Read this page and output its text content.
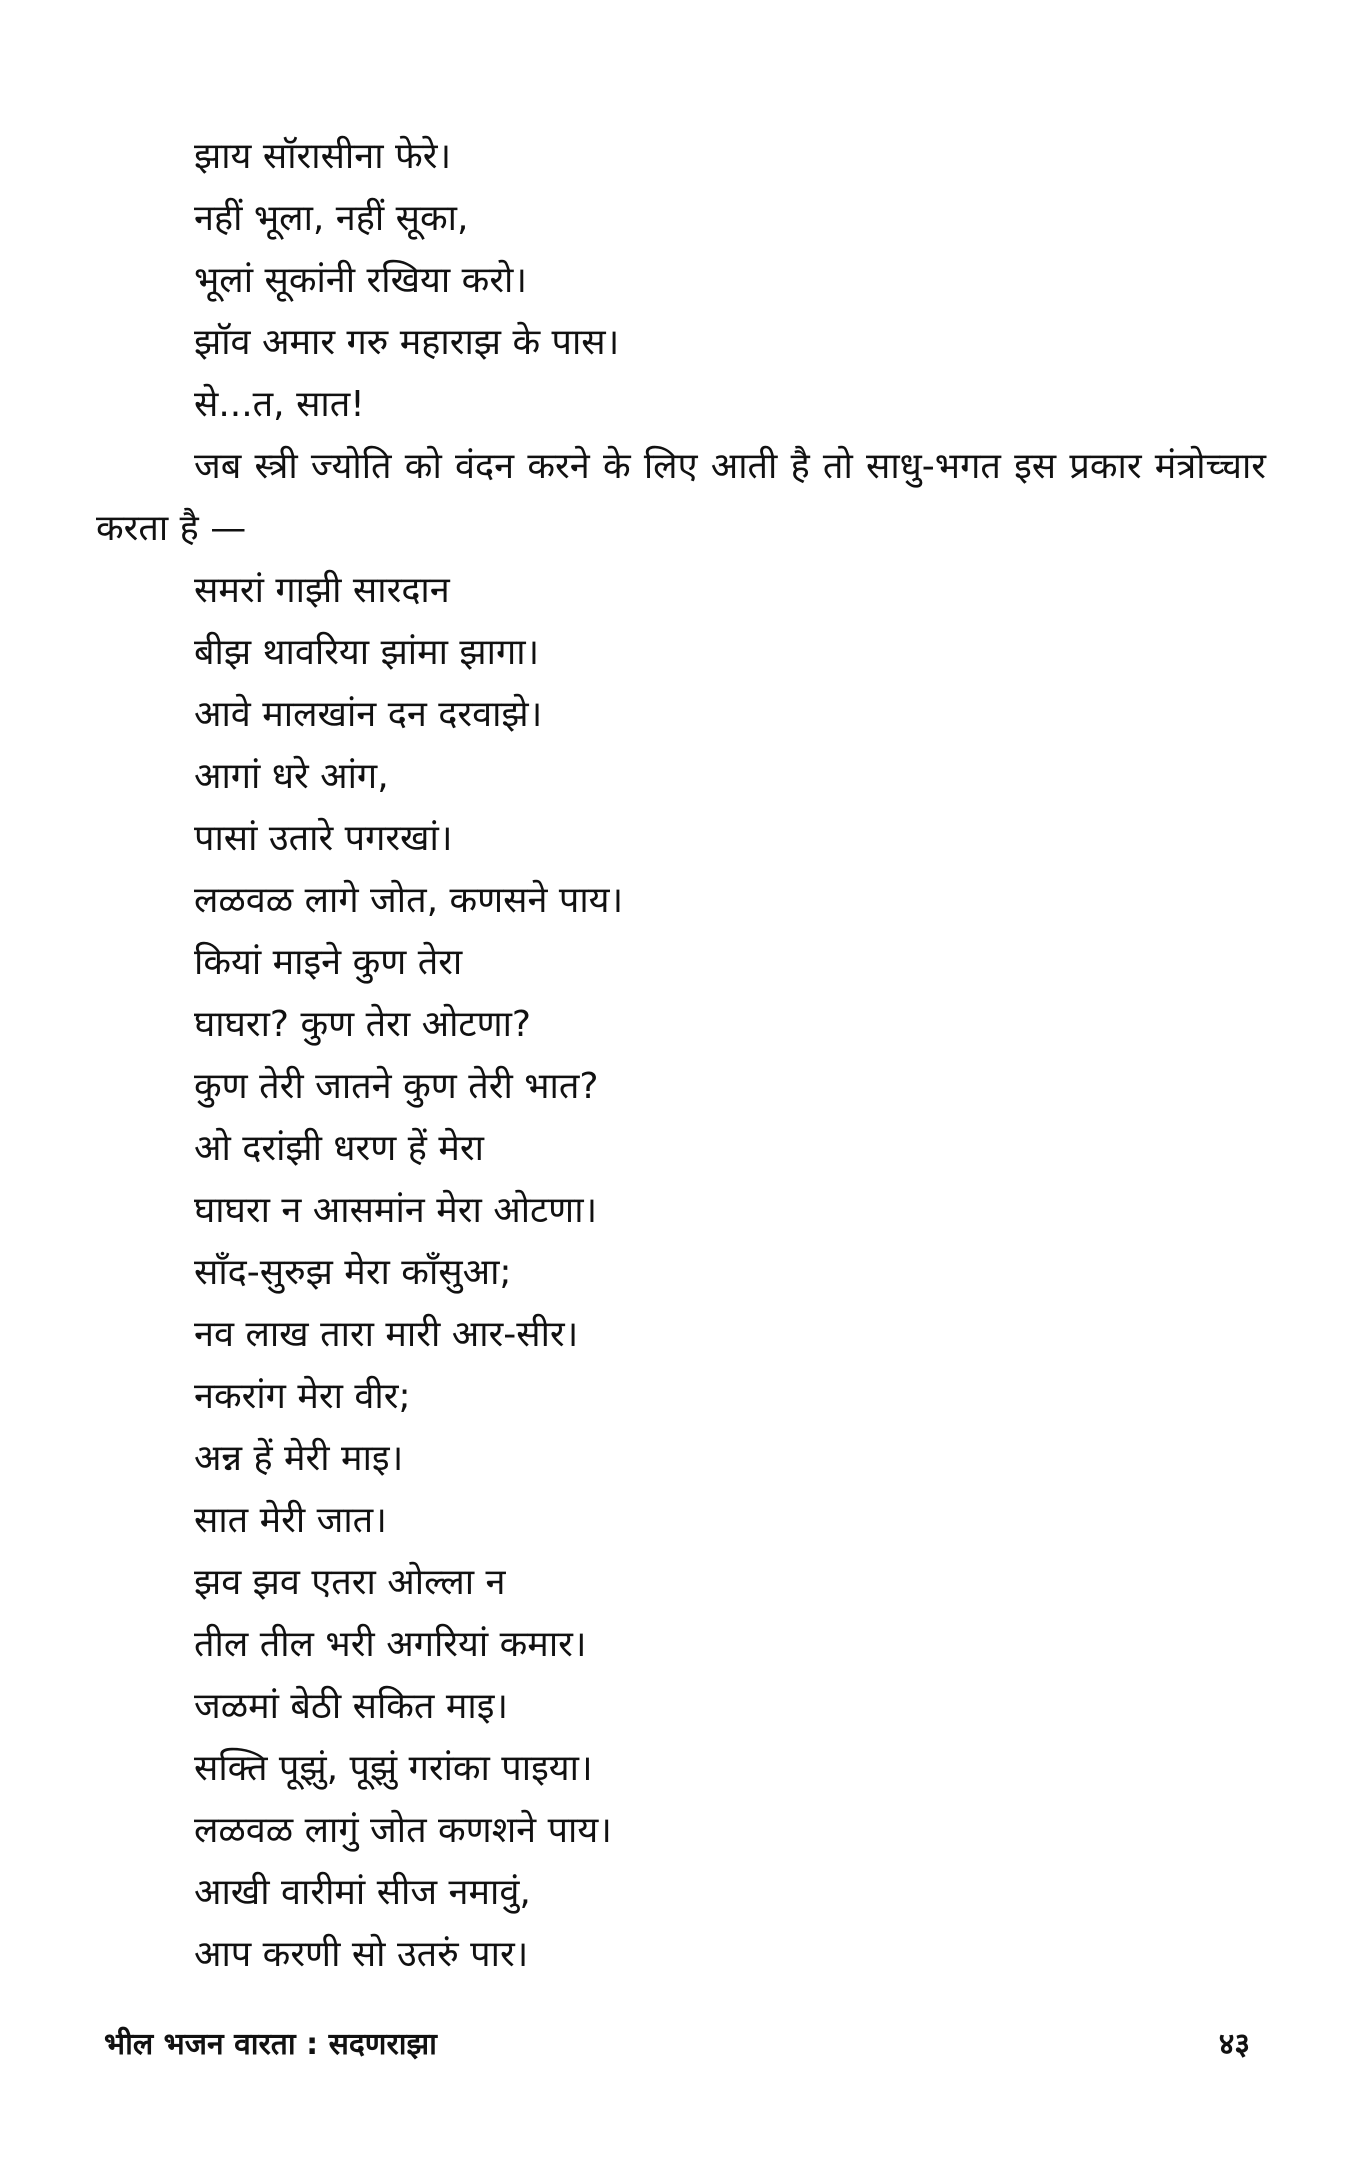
झाय सॉरासीना फेरे।
नहीं भूला, नहीं सूका,
भूलां सूकांनी रखिया करो।
झॉव अमार गरु महाराझ के पास।
से...त, सात!

जब स्त्री ज्योति को वंदन करने के लिए आती है तो साधु-भगत इस प्रकार मंत्रोच्चार करता है —

समरां गाझी सारदान
बीझ थावरिया झांमा झागा।
आवे मालखांन दन दरवाझे।
आगां धरे आंग,
पासां उतारे पगरखां।
लळवळ लागे जोत, कणसने पाय।
कियां माइने कुण तेरा
घाघरा? कुण तेरा ओटणा?
कुण तेरी जातने कुण तेरी भात?
ओ दरांझी धरण हें मेरा
घाघरा न आसमांन मेरा ओटणा।
साँद-सुरुझ मेरा काँसुआ;
नव लाख तारा मारी आर-सीर।
नकरांग मेरा वीर;
अन्न हें मेरी माइ।
सात मेरी जात।
झव झव एतरा ओल्ला न
तील तील भरी अगरियां कमार।
जळमां बेठी सकित माइ।
सक्ति पूझुं, पूझुं गरांका पाइया।
लळवळ लागुं जोत कणशने पाय।
आखी वारीमां सीज नमावुं,
आप करणी सो उतरुं पार।
भील भजन वारता : सदणराझा	४३
